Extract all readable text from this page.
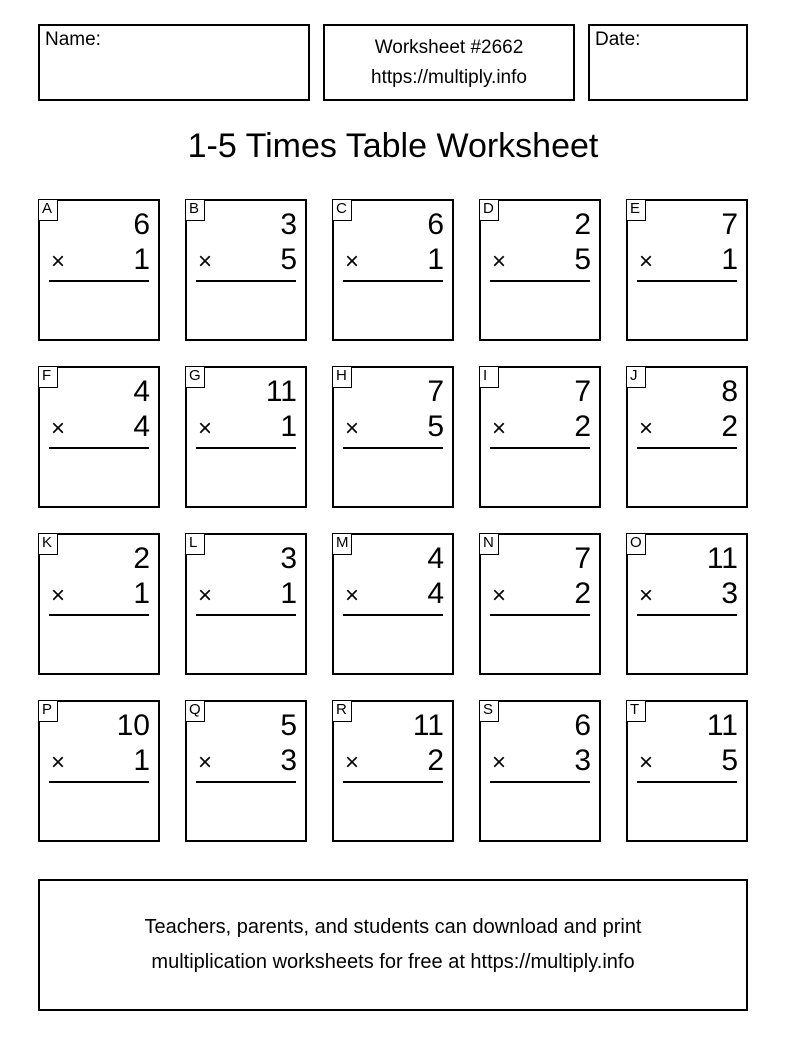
Name:	Worksheet #2662
https://multiply.info
Date:
1-5 Times Table Worksheet
A	6
× 1
B	3
× 5
C	6
× 1
D	2
× 5
E	7
× 1
F	4
× 4
G 11
× 1
H	7
× 5
I	7
× 2
J	8
× 2
K	2
× 1
L	3
× 1
M	4
× 4
N	7
× 2
O 11
× 3
P 10
× 1
Q	5
× 3
R 11
× 2
S	6
× 3
T 11
× 5
Teachers, parents, and students can download and print
multiplication worksheets for free at https://multiply.info
